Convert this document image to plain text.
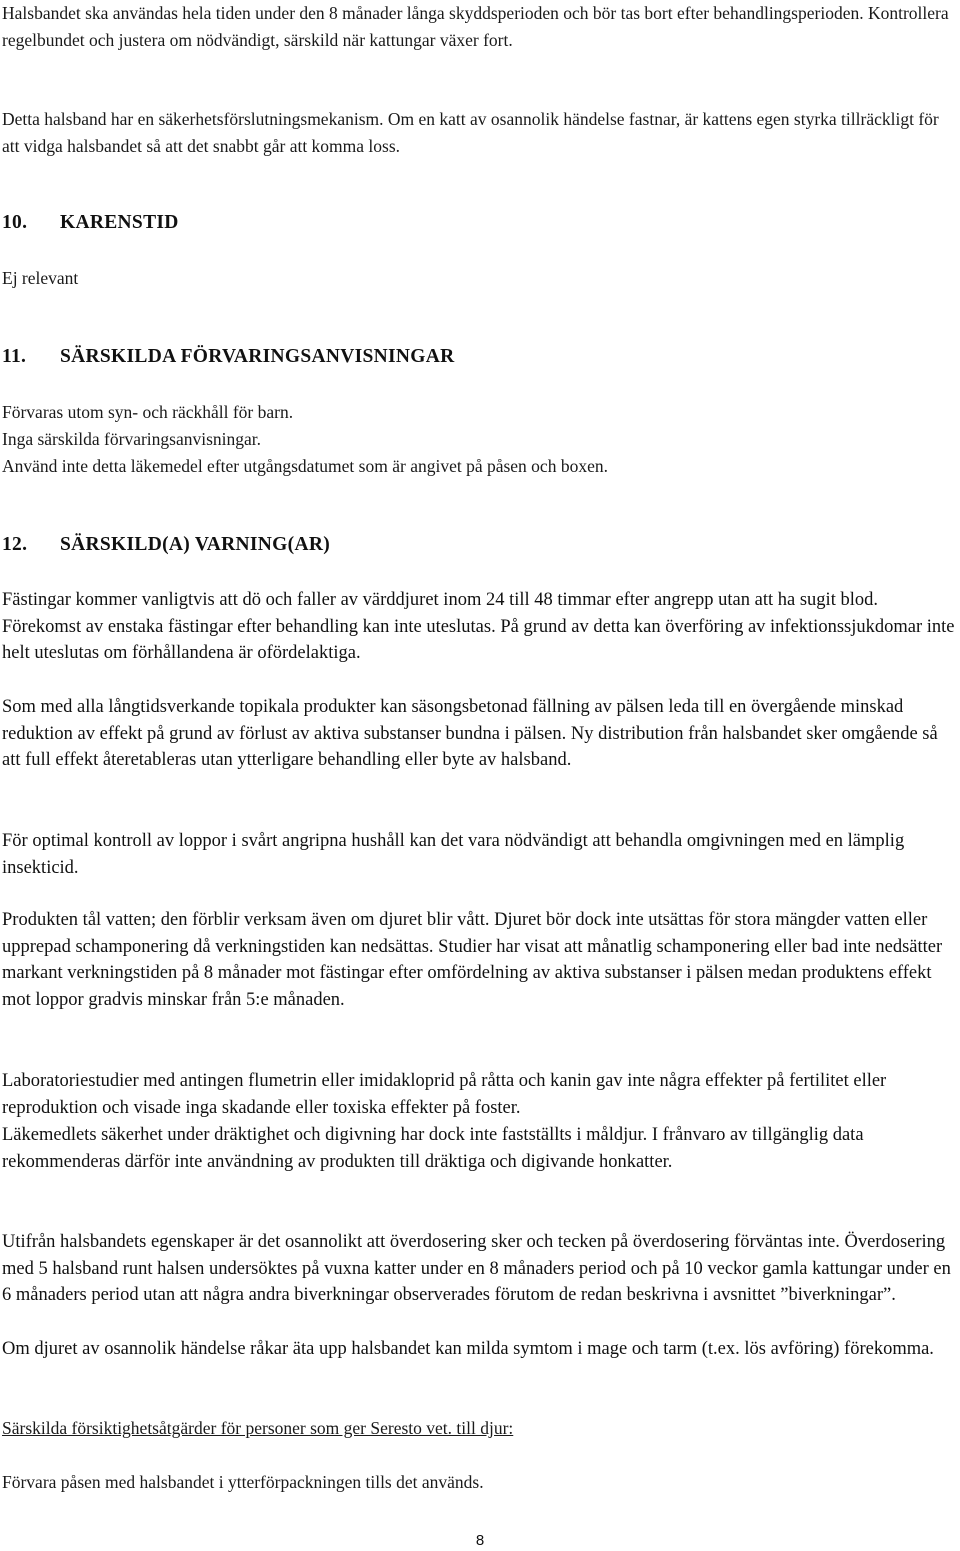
Halsbandet ska användas hela tiden under den 8 månader långa skyddsperioden och bör tas bort efter behandlingsperioden. Kontrollera regelbundet och justera om nödvändigt, särskild när kattungar växer fort.

Detta halsband har en säkerhetsförslutningsmekanism. Om en katt av osannolik händelse fastnar, är kattens egen styrka tillräckligt för att vidga halsbandet så att det snabbt går att komma loss.

10. KARENSTID

Ej relevant

11. SÄRSKILDA FÖRVARINGSANVISNINGAR

Förvaras utom syn- och räckhåll för barn.

Inga särskilda förvaringsanvisningar.

Använd inte detta läkemedel efter utgångsdatumet som är angivet på påsen och boxen.

12. SÄRSKILD(A) VARNING(AR)

Fästingar kommer vanligtvis att dö och faller av värddjuret inom 24 till 48 timmar efter angrepp utan att ha sugit blod. Förekomst av enstaka fästingar efter behandling kan inte uteslutas. På grund av detta kan överföring av infektionssjukdomar inte helt uteslutas om förhållandena är ofördelaktiga.

Som med alla långtidsverkande topikala produkter kan säsongsbetonad fällning av pälsen leda till en övergående minskad reduktion av effekt på grund av förlust av aktiva substanser bundna i pälsen. Ny distribution från halsbandet sker omgående så att full effekt återetableras utan ytterligare behandling eller byte av halsband.

För optimal kontroll av loppor i svårt angripna hushåll kan det vara nödvändigt att behandla omgivningen med en lämplig insekticid.

Produkten tål vatten; den förblir verksam även om djuret blir vått. Djuret bör dock inte utsättas för stora mängder vatten eller upprepad schamponering då verkningstiden kan nedsättas. Studier har visat att månatlig schamponering eller bad inte nedsätter markant verkningstiden på 8 månader mot fästingar efter omfördelning av aktiva substanser i pälsen medan produktens effekt mot loppor gradvis minskar från 5:e månaden.

Laboratoriestudier med antingen flumetrin eller imidakloprid på råtta och kanin gav inte några effekter på fertilitet eller reproduktion och visade inga skadande eller toxiska effekter på foster.

Läkemedlets säkerhet under dräktighet och digivning har dock inte fastställts i måldjur. I frånvaro av tillgänglig data rekommenderas därför inte användning av produkten till dräktiga och digivande honkatter.

Utifrån halsbandets egenskaper är det osannolikt att överdosering sker och tecken på överdosering förväntas inte. Överdosering med 5 halsband runt halsen undersöktes på vuxna katter under en 8 månaders period och på 10 veckor gamla kattungar under en 6 månaders period utan att några andra biverkningar observerades förutom de redan beskrivna i avsnittet ”biverkningar”.

Om djuret av osannolik händelse råkar äta upp halsbandet kan milda symtom i mage och tarm (t.ex. lös avföring) förekomma.

Särskilda försiktighetsåtgärder för personer som ger Seresto vet. till djur:

Förvara påsen med halsbandet i ytterförpackningen tills det används.

8
